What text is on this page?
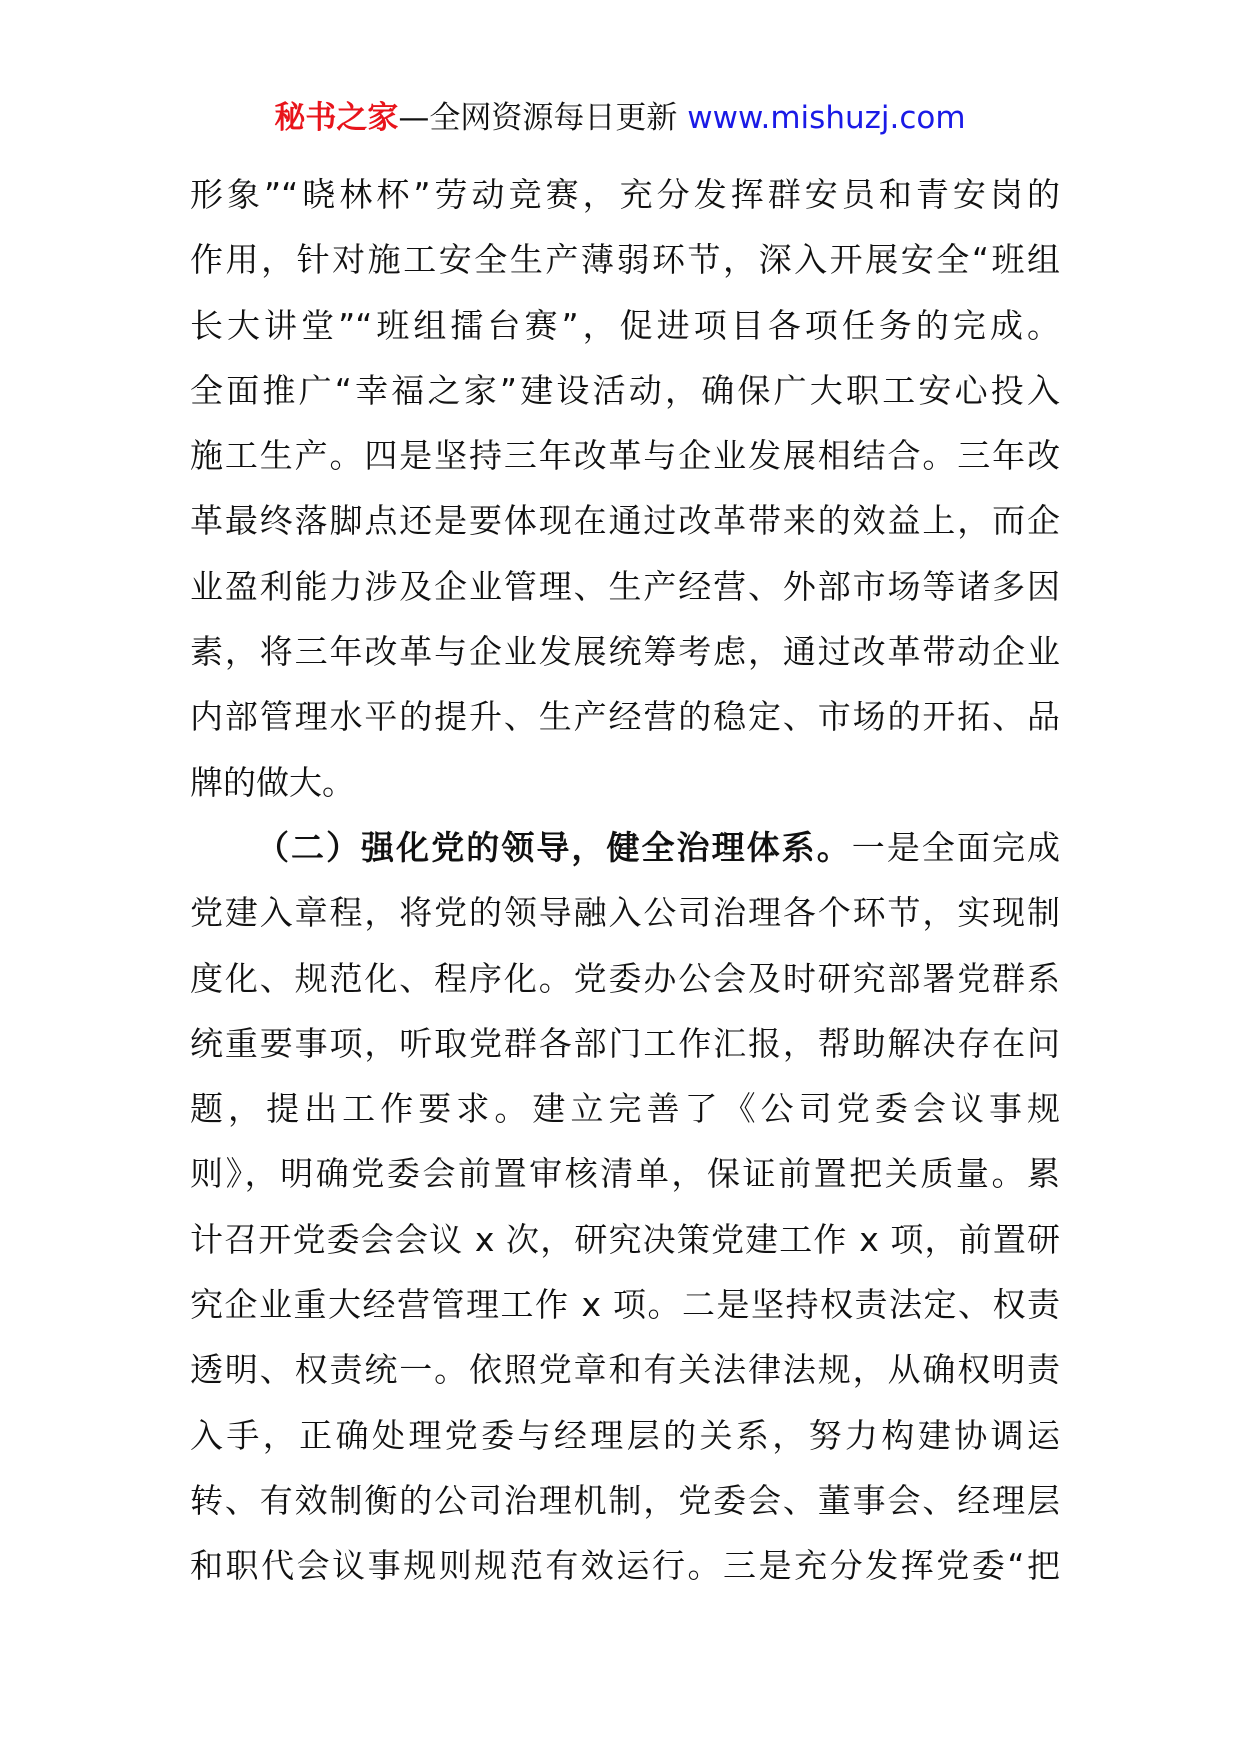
秘书之家—全网资源每日更新 www.mishuzj.com
形象”“晓林杯”劳动竞赛，充分发挥群安员和青安岗的
作用，针对施工安全生产薄弱环节，深入开展安全“班组
长大讲堂”“班组擂台赛”，促进项目各项任务的完成。
全面推广“幸福之家”建设活动，确保广大职工安心投入
施工生产。四是坚持三年改革与企业发展相结合。三年改
革最终落脚点还是要体现在通过改革带来的效益上，而企
业盈利能力涉及企业管理、生产经营、外部市场等诸多因
素，将三年改革与企业发展统筹考虑，通过改革带动企业
内部管理水平的提升、生产经营的稳定、市场的开拓、品
牌的做大。
（二）强化党的领导，健全治理体系。一是全面完成
党建入章程，将党的领导融入公司治理各个环节，实现制
度化、规范化、程序化。党委办公会及时研究部署党群系
统重要事项，听取党群各部门工作汇报，帮助解决存在问
题，提出工作要求。建立完善了《公司党委会议事规
则》，明确党委会前置审核清单，保证前置把关质量。累
计召开党委会会议 x 次，研究决策党建工作 x 项，前置研
究企业重大经营管理工作 x 项。二是坚持权责法定、权责
透明、权责统一。依照党章和有关法律法规，从确权明责
入手，正确处理党委与经理层的关系，努力构建协调运
转、有效制衡的公司治理机制，党委会、董事会、经理层
和职代会议事规则规范有效运行。三是充分发挥党委“把
